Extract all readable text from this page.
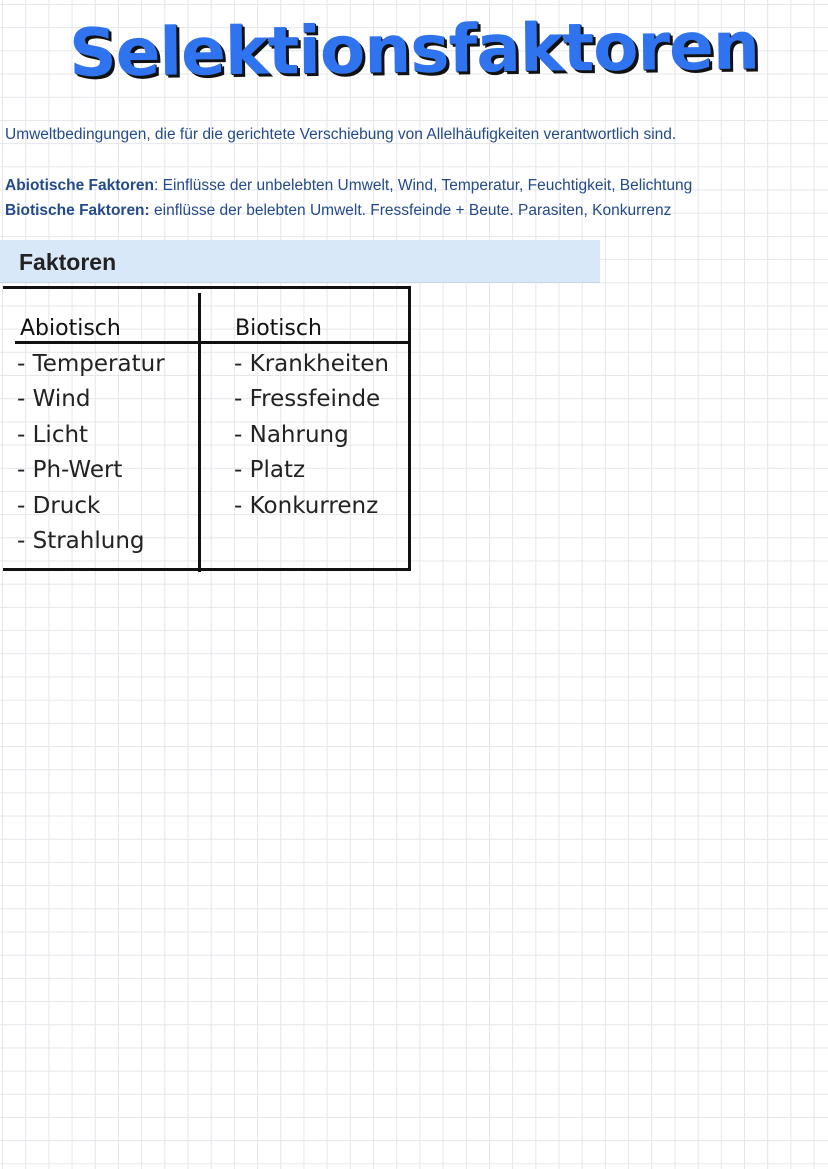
Selektionsfaktoren
Umweltbedingungen, die für die gerichtete Verschiebung von Allelhäufigkeiten verantwortlich sind.
Abiotische Faktoren: Einflüsse der unbelebten Umwelt, Wind, Temperatur, Feuchtigkeit, Belichtung
Biotische Faktoren: einflüsse der belebten Umwelt. Fressfeinde + Beute. Parasiten, Konkurrenz
Faktoren
Abiotisch	Biotisch
- Temperatur
- Wind
- Licht
- Ph-Wert
- Druck
- Strahlung
- Krankheiten
- Fressfeinde
- Nahrung
- Platz
- Konkurrenz
